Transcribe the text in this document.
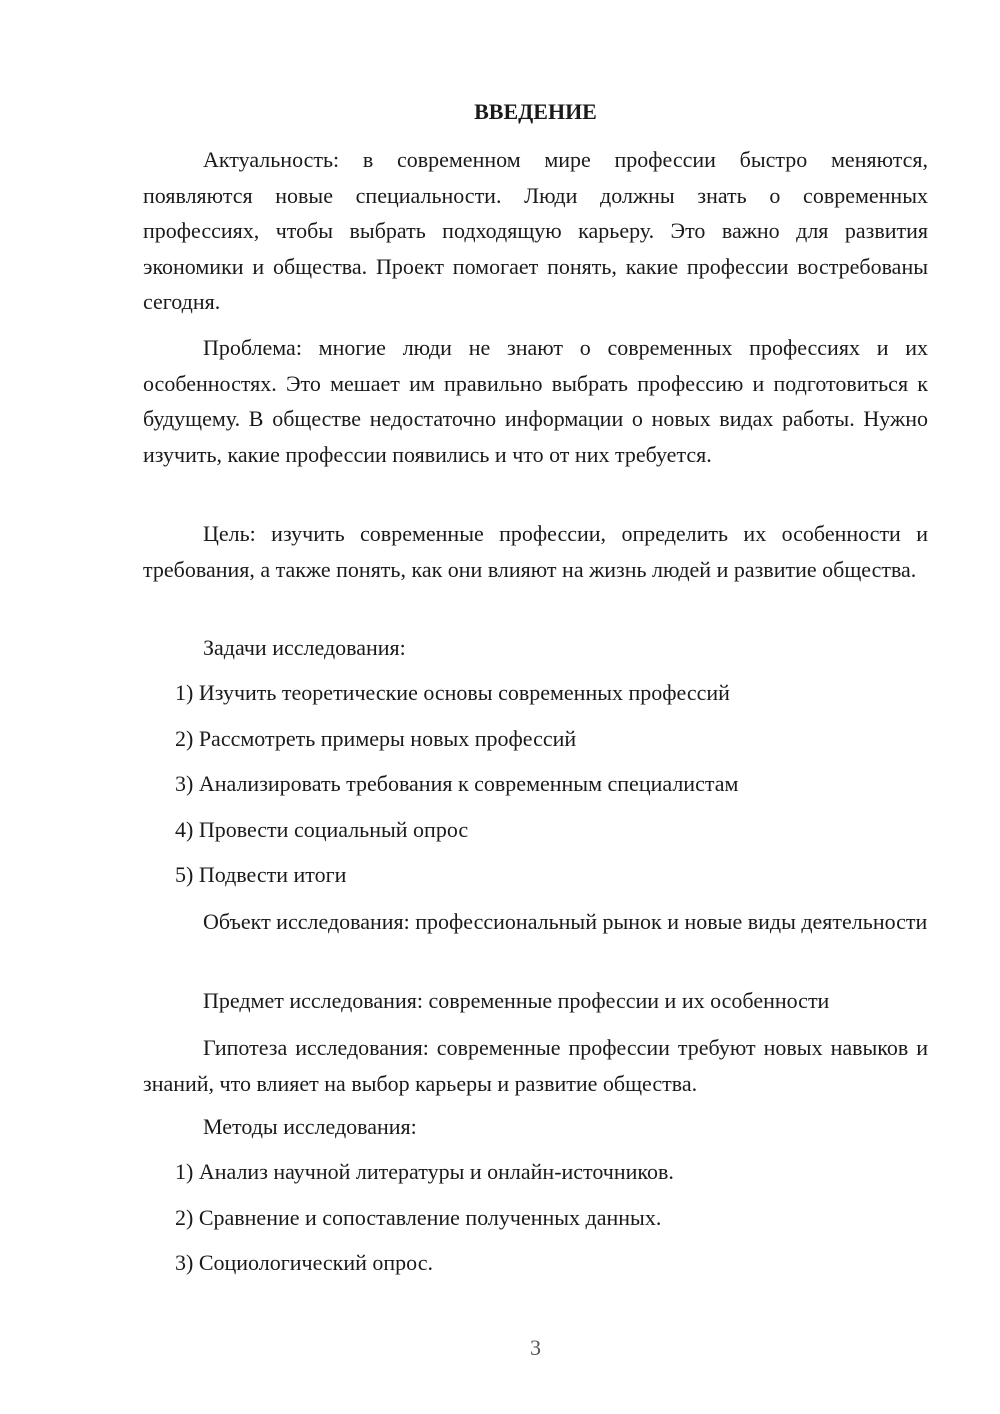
ВВЕДЕНИЕ

Актуальность: в современном мире профессии быстро меняются, появляются новые специальности. Люди должны знать о современных профессиях, чтобы выбрать подходящую карьеру. Это важно для развития экономики и общества. Проект помогает понять, какие профессии востребованы сегодня.

Проблема: многие люди не знают о современных профессиях и их особенностях. Это мешает им правильно выбрать профессию и подготовиться к будущему. В обществе недостаточно информации о новых видах работы. Нужно изучить, какие профессии появились и что от них требуется.

Цель: изучить современные профессии, определить их особенности и требования, а также понять, как они влияют на жизнь людей и развитие общества.

Задачи исследования:

1) Изучить теоретические основы современных профессий

2) Рассмотреть примеры новых профессий

3) Анализировать требования к современным специалистам

4) Провести социальный опрос

5) Подвести итоги

Объект исследования: профессиональный рынок и новые виды деятельности

Предмет исследования: современные профессии и их особенности

Гипотеза исследования: современные профессии требуют новых навыков и знаний, что влияет на выбор карьеры и развитие общества.

Методы исследования:

1) Анализ научной литературы и онлайн-источников.

2) Сравнение и сопоставление полученных данных.

3) Социологический опрос.

3
